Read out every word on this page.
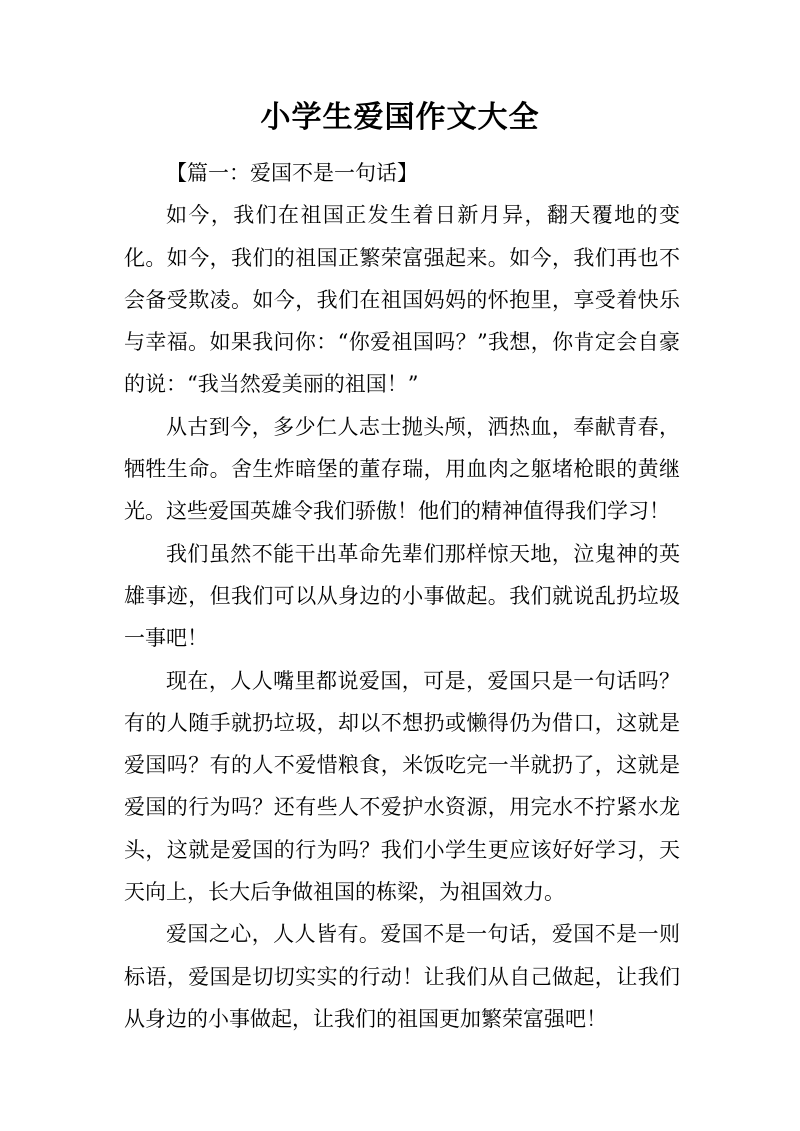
小学生爱国作文大全

【篇一：爱国不是一句话】

如今，我们在祖国正发生着日新月异，翻天覆地的变化。如今，我们的祖国正繁荣富强起来。如今，我们再也不会备受欺凌。如今，我们在祖国妈妈的怀抱里，享受着快乐与幸福。如果我问你：“你爱祖国吗？”我想，你肯定会自豪的说：“我当然爱美丽的祖国！”

从古到今，多少仁人志士抛头颅，洒热血，奉献青春，牺牲生命。舍生炸暗堡的董存瑞，用血肉之躯堵枪眼的黄继光。这些爱国英雄令我们骄傲！他们的精神值得我们学习！

我们虽然不能干出革命先辈们那样惊天地，泣鬼神的英雄事迹，但我们可以从身边的小事做起。我们就说乱扔垃圾一事吧！

现在，人人嘴里都说爱国，可是，爱国只是一句话吗？有的人随手就扔垃圾，却以不想扔或懒得仍为借口，这就是爱国吗？有的人不爱惜粮食，米饭吃完一半就扔了，这就是爱国的行为吗？还有些人不爱护水资源，用完水不拧紧水龙头，这就是爱国的行为吗？我们小学生更应该好好学习，天天向上，长大后争做祖国的栋梁，为祖国效力。

爱国之心，人人皆有。爱国不是一句话，爱国不是一则标语，爱国是切切实实的行动！让我们从自己做起，让我们从身边的小事做起，让我们的祖国更加繁荣富强吧！
